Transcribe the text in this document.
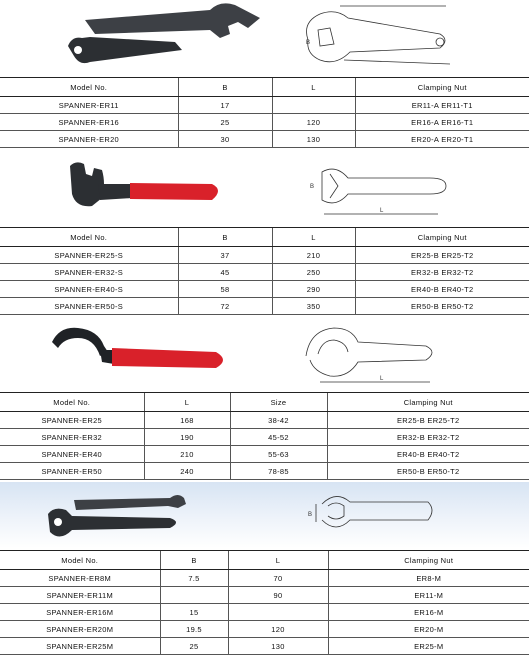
B
Model No.	B	L	Clamping Nut
SPANNER-ER11	17		ER11-A ER11-T1
SPANNER-ER16	25	120	ER16-A ER16-T1
SPANNER-ER20	30	130	ER20-A ER20-T1
B
L
Model No.	B	L	Clamping Nut
SPANNER-ER25-S	37	210	ER25-B ER25-T2
SPANNER-ER32-S	45	250	ER32-B ER32-T2
SPANNER-ER40-S	58	290	ER40-B ER40-T2
SPANNER-ER50-S	72	350	ER50-B ER50-T2
L
Model No.	L	Size	Clamping Nut
SPANNER-ER25	168	38-42	ER25-B ER25-T2
SPANNER-ER32	190	45-52	ER32-B ER32-T2
SPANNER-ER40	210	55-63	ER40-B ER40-T2
SPANNER-ER50	240	78-85	ER50-B ER50-T2
B
Model No.	B	L	Clamping Nut
SPANNER-ER8M	7.5	70	ER8-M
SPANNER-ER11M		90	ER11-M
SPANNER-ER16M	15		ER16-M
SPANNER-ER20M	19.5	120	ER20-M
SPANNER-ER25M	25	130	ER25-M
